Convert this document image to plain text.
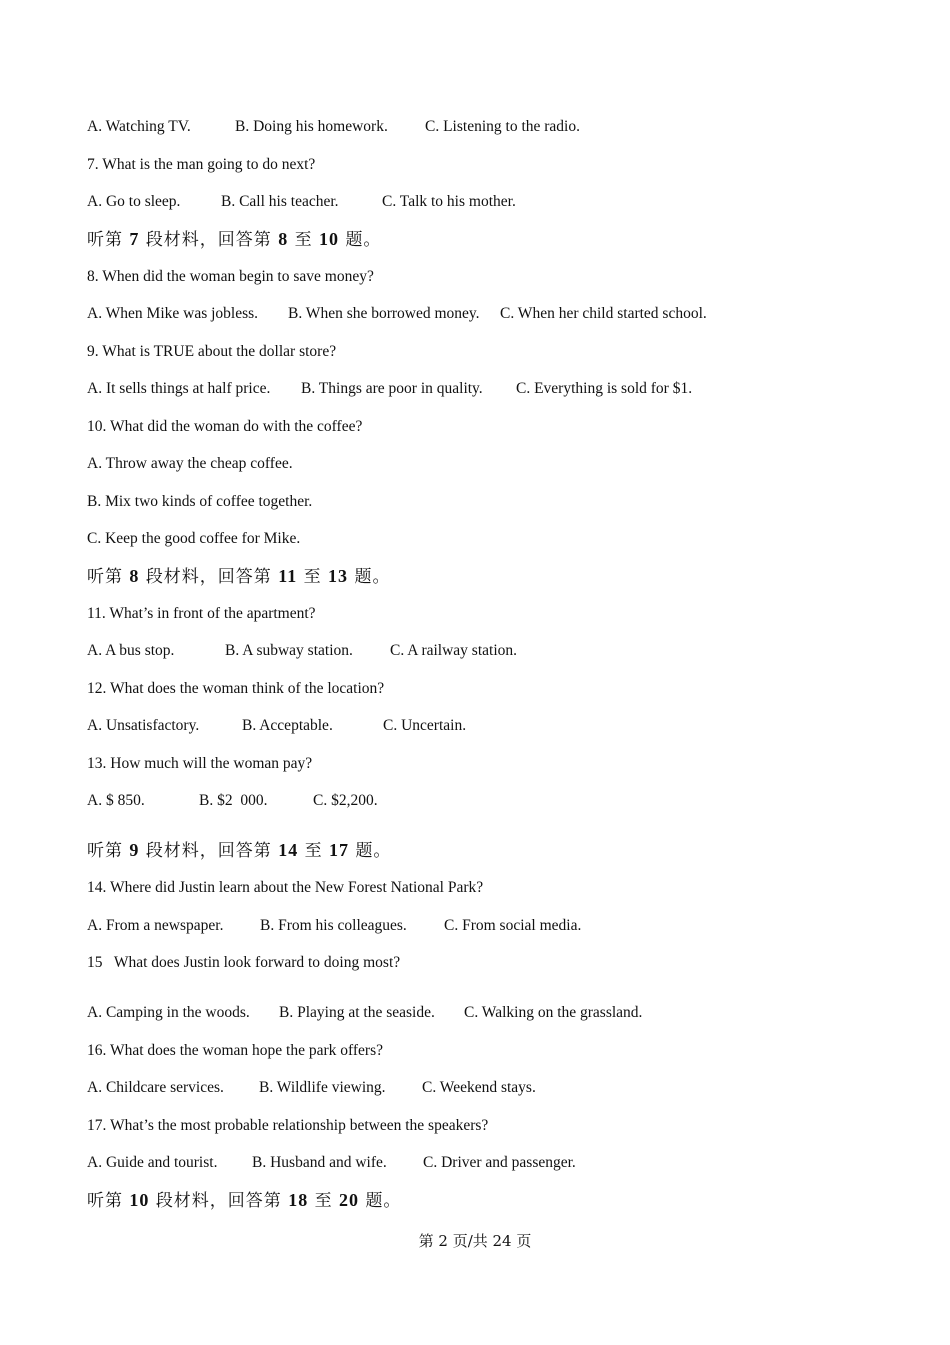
A. Watching TV.

	B. Doing his homework.

C. Listening to the radio.

7. What is the man going to do next?

A. Go to sleep.

	B. Call his teacher.

	C. Talk to his mother.

听第 7 段材料，回答第 8 至 10 题。
8. When did the woman begin to save money?

A. When Mike was jobless.

B. When she borrowed money.

C. When her child started school.

9. What is TRUE about the dollar store?

A. It sells things at half price.

B. Things are poor in quality.

C. Everything is sold for $1.

10. What did the woman do with the coffee?
A. Throw away the cheap coffee.
B. Mix two kinds of coffee together.
C. Keep the good coffee for Mike.
听第 8 段材料，回答第 11 至 13 题。
11. What’s in front of the apartment?

A. A bus stop.

	B. A subway station.

C. A railway station.

12. What does the woman think of the location?

A. Unsatisfactory.

	B. Acceptable.

	C. Uncertain.

13. How much will the woman pay?

A. $ 850.

	B. $2  000.

	C. $2,200.

听第 9 段材料，回答第 14 至 17 题。
14. Where did Justin learn about the New Forest National Park?

A. From a newspaper.

B. From his colleagues.

C. From social media.

15   What does Justin look forward to doing most?

A. Camping in the woods.

B. Playing at the seaside.

C. Walking on the grassland.

16. What does the woman hope the park offers?

A. Childcare services.

B. Wildlife viewing.

C. Weekend stays.

17. What’s the most probable relationship between the speakers?

A. Guide and tourist.

B. Husband and wife.

C. Driver and passenger.

听第 10 段材料，回答第 18 至 20 题。
第 2 页/共 24 页
